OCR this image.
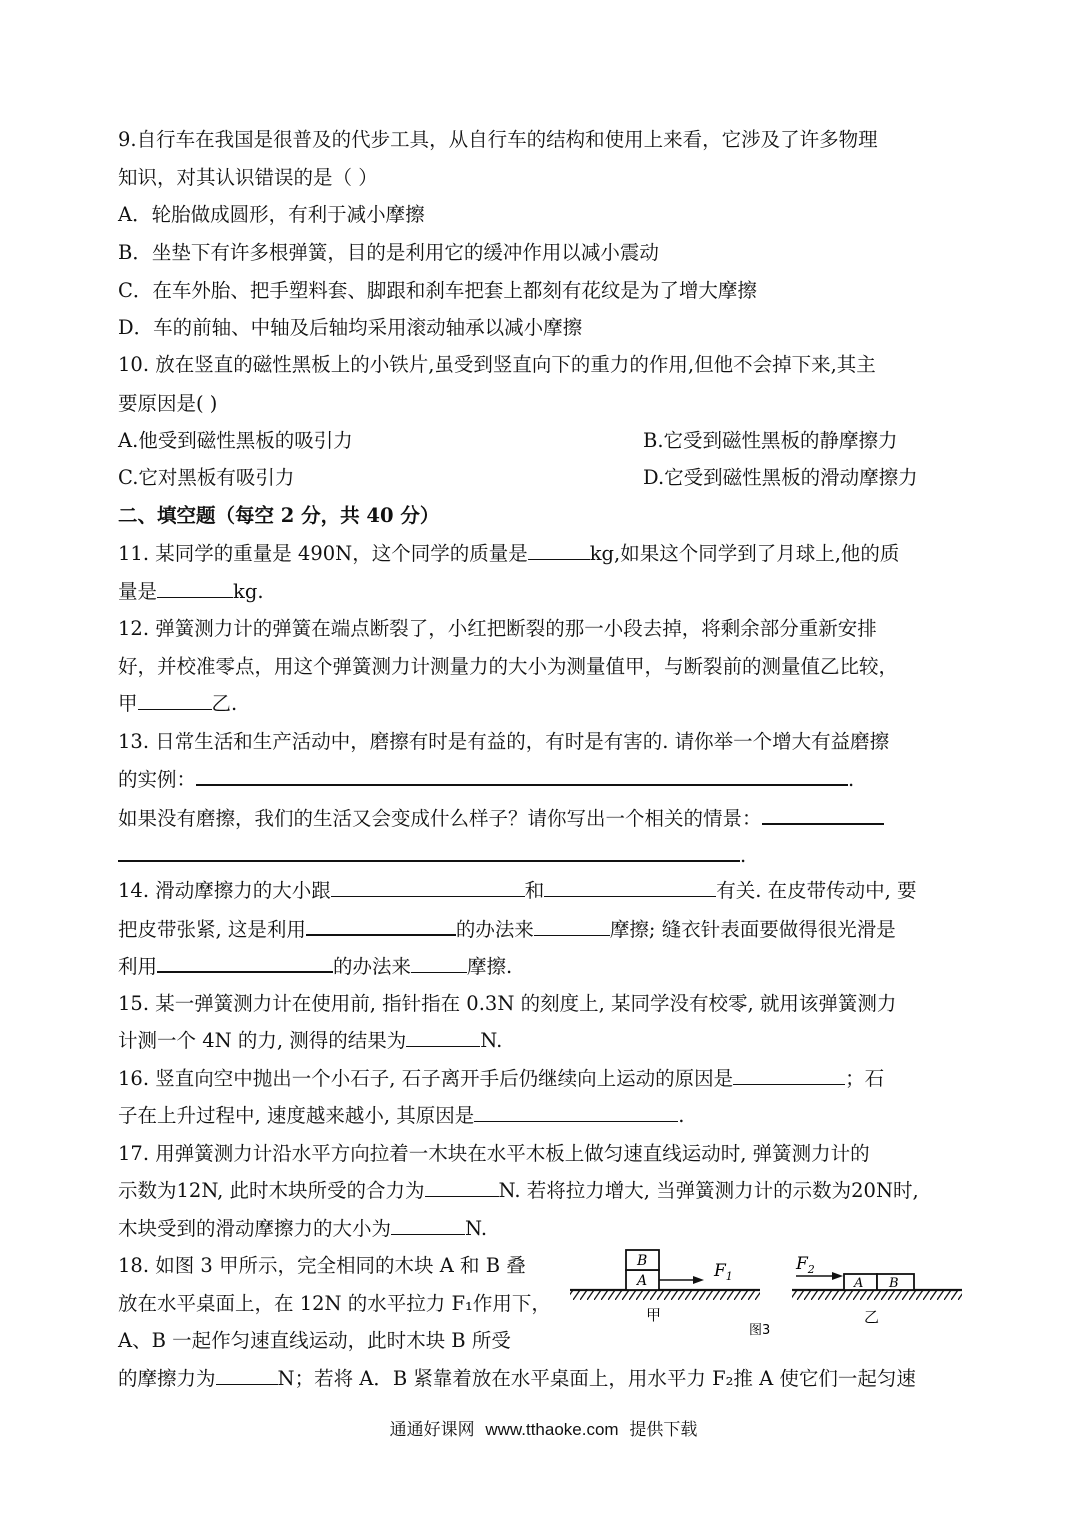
9.自行车在我国是很普及的代步工具，从自行车的结构和使用上来看，它涉及了许多物理
知识，对其认识错误的是（ ）
A．轮胎做成圆形，有利于减小摩擦
B．坐垫下有许多根弹簧，目的是利用它的缓冲作用以减小震动
C．在车外胎、把手塑料套、脚跟和刹车把套上都刻有花纹是为了增大摩擦
D．车的前轴、中轴及后轴均采用滚动轴承以减小摩擦
10. 放在竖直的磁性黑板上的小铁片,虽受到竖直向下的重力的作用,但他不会掉下来,其主
要原因是( )
A.他受到磁性黑板的吸引力	B.它受到磁性黑板的静摩擦力
C.它对黑板有吸引力	D.它受到磁性黑板的滑动摩擦力
二、填空题（每空 2 分，共 40 分）
11. 某同学的重量是 490N，这个同学的质量是	kg,如果这个同学到了月球上,他的质
量是	kg.
12. 弹簧测力计的弹簧在端点断裂了，小红把断裂的那一小段去掉，将剩余部分重新安排
好，并校准零点，用这个弹簧测力计测量力的大小为测量值甲，与断裂前的测量值乙比较，
甲	乙.
13. 日常生活和生产活动中，磨擦有时是有益的，有时是有害的. 请你举一个增大有益磨擦
的实例：	.
如果没有磨擦，我们的生活又会变成什么样子？请你写出一个相关的情景：
.
14. 滑动摩擦力的大小跟	和	有关. 在皮带传动中, 要
把皮带张紧, 这是利用	的办法来	摩擦; 缝衣针表面要做得很光滑是
利用	的办法来	摩擦.
15. 某一弹簧测力计在使用前, 指针指在 0.3N 的刻度上, 某同学没有校零, 就用该弹簧测力
计测一个 4N 的力, 测得的结果为	N.
16. 竖直向空中抛出一个小石子, 石子离开手后仍继续向上运动的原因是	；石
子在上升过程中, 速度越来越小, 其原因是	.
17. 用弹簧测力计沿水平方向拉着一木块在水平木板上做匀速直线运动时, 弹簧测力计的
示数为12N, 此时木块所受的合力为	N. 若将拉力增大, 当弹簧测力计的示数为20N时,
木块受到的滑动摩擦力的大小为	N.
18. 如图 3 甲所示，完全相同的木块 A 和 B 叠
放在水平桌面上，在 12N 的水平拉力 F₁作用下，
A、B 一起作匀速直线运动，此时木块 B 所受
的摩擦力为	N；若将 A．B 紧靠着放在水平桌面上，用水平力 F₂推 A 使它们一起匀速
A
B	$F_1$
甲
图3
A B
$F_2$
乙
通通好课网 www.tthaoke.com 提供下载
